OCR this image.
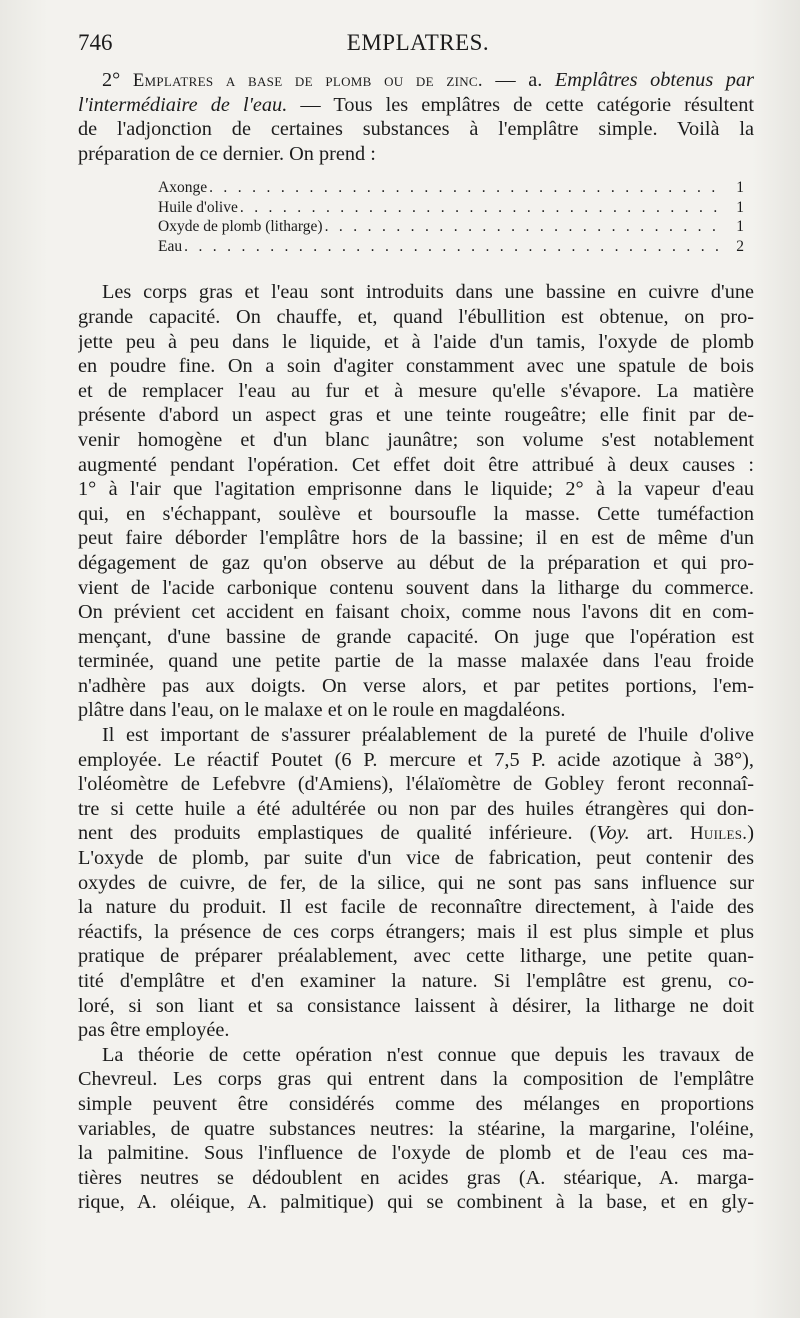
746	EMPLATRES.
2° Emplatres a base de plomb ou de zinc. — a. Emplâtres obtenus par
l'intermédiaire de l'eau. — Tous les emplâtres de cette catégorie résultent
de l'adjonction de certaines substances à l'emplâtre simple. Voilà la
préparation de ce dernier. On prend :
Axonge . . .	1
Huile d'olive . . .	1
Oxyde de plomb (litharge) . . .	1
Eau . . .	2
Les corps gras et l'eau sont introduits dans une bassine en cuivre d'une
grande capacité. On chauffe, et, quand l'ébullition est obtenue, on pro-
jette peu à peu dans le liquide, et à l'aide d'un tamis, l'oxyde de plomb
en poudre fine. On a soin d'agiter constamment avec une spatule de bois
et de remplacer l'eau au fur et à mesure qu'elle s'évapore. La matière
présente d'abord un aspect gras et une teinte rougeâtre; elle finit par de-
venir homogène et d'un blanc jaunâtre; son volume s'est notablement
augmenté pendant l'opération. Cet effet doit être attribué à deux causes :
1° à l'air que l'agitation emprisonne dans le liquide; 2° à la vapeur d'eau
qui, en s'échappant, soulève et boursoufle la masse. Cette tuméfaction
peut faire déborder l'emplâtre hors de la bassine; il en est de même d'un
dégagement de gaz qu'on observe au début de la préparation et qui pro-
vient de l'acide carbonique contenu souvent dans la litharge du commerce.
On prévient cet accident en faisant choix, comme nous l'avons dit en com-
mençant, d'une bassine de grande capacité. On juge que l'opération est
terminée, quand une petite partie de la masse malaxée dans l'eau froide
n'adhère pas aux doigts. On verse alors, et par petites portions, l'em-
plâtre dans l'eau, on le malaxe et on le roule en magdaléons.
Il est important de s'assurer préalablement de la pureté de l'huile d'olive
employée. Le réactif Poutet (6 P. mercure et 7,5 P. acide azotique à 38°),
l'oléomètre de Lefebvre (d'Amiens), l'élaïomètre de Gobley feront reconnaî-
tre si cette huile a été adultérée ou non par des huiles étrangères qui don-
nent des produits emplastiques de qualité inférieure. (Voy. art. Huiles.)
L'oxyde de plomb, par suite d'un vice de fabrication, peut contenir des
oxydes de cuivre, de fer, de la silice, qui ne sont pas sans influence sur
la nature du produit. Il est facile de reconnaître directement, à l'aide des
réactifs, la présence de ces corps étrangers; mais il est plus simple et plus
pratique de préparer préalablement, avec cette litharge, une petite quan-
tité d'emplâtre et d'en examiner la nature. Si l'emplâtre est grenu, co-
loré, si son liant et sa consistance laissent à désirer, la litharge ne doit
pas être employée.
La théorie de cette opération n'est connue que depuis les travaux de
Chevreul. Les corps gras qui entrent dans la composition de l'emplâtre
simple peuvent être considérés comme des mélanges en proportions
variables, de quatre substances neutres: la stéarine, la margarine, l'oléine,
la palmitine. Sous l'influence de l'oxyde de plomb et de l'eau ces ma-
tières neutres se dédoublent en acides gras (A. stéarique, A. marga-
rique, A. oléique, A. palmitique) qui se combinent à la base, et en gly-
